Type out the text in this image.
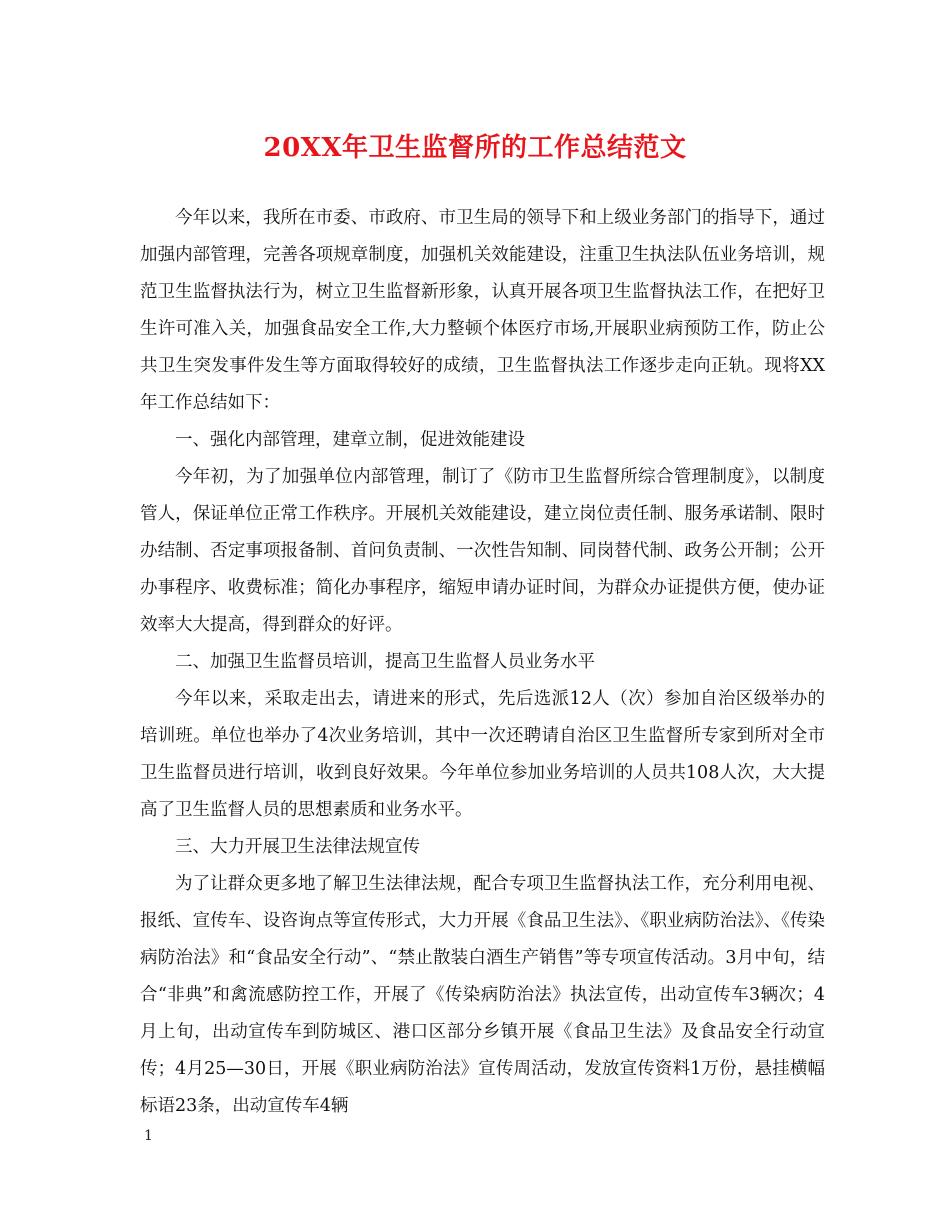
20XX年卫生监督所的工作总结范文

今年以来，我所在市委、市政府、市卫生局的领导下和上级业务部门的指导下，通过加强内部管理，完善各项规章制度，加强机关效能建设，注重卫生执法队伍业务培训，规范卫生监督执法行为，树立卫生监督新形象，认真开展各项卫生监督执法工作，在把好卫生许可准入关，加强食品安全工作,大力整顿个体医疗市场,开展职业病预防工作，防止公共卫生突发事件发生等方面取得较好的成绩，卫生监督执法工作逐步走向正轨。现将XX年工作总结如下：

一、强化内部管理，建章立制，促进效能建设

今年初，为了加强单位内部管理，制订了《防市卫生监督所综合管理制度》，以制度管人，保证单位正常工作秩序。开展机关效能建设，建立岗位责任制、服务承诺制、限时办结制、否定事项报备制、首问负责制、一次性告知制、同岗替代制、政务公开制；公开办事程序、收费标准；简化办事程序，缩短申请办证时间，为群众办证提供方便，使办证效率大大提高，得到群众的好评。

二、加强卫生监督员培训，提高卫生监督人员业务水平

今年以来，采取走出去，请进来的形式，先后选派12人（次）参加自治区级举办的培训班。单位也举办了4次业务培训，其中一次还聘请自治区卫生监督所专家到所对全市卫生监督员进行培训，收到良好效果。今年单位参加业务培训的人员共108人次，大大提高了卫生监督人员的思想素质和业务水平。

三、大力开展卫生法律法规宣传

为了让群众更多地了解卫生法律法规，配合专项卫生监督执法工作，充分利用电视、报纸、宣传车、设咨询点等宣传形式，大力开展《食品卫生法》、《职业病防治法》、《传染病防治法》和“食品安全行动”、“禁止散装白酒生产销售”等专项宣传活动。3月中旬，结合“非典”和禽流感防控工作，开展了《传染病防治法》执法宣传，出动宣传车3辆次；4月上旬，出动宣传车到防城区、港口区部分乡镇开展《食品卫生法》及食品安全行动宣传；4月25—30日，开展《职业病防治法》宣传周活动，发放宣传资料1万份，悬挂横幅标语23条，出动宣传车4辆

1
